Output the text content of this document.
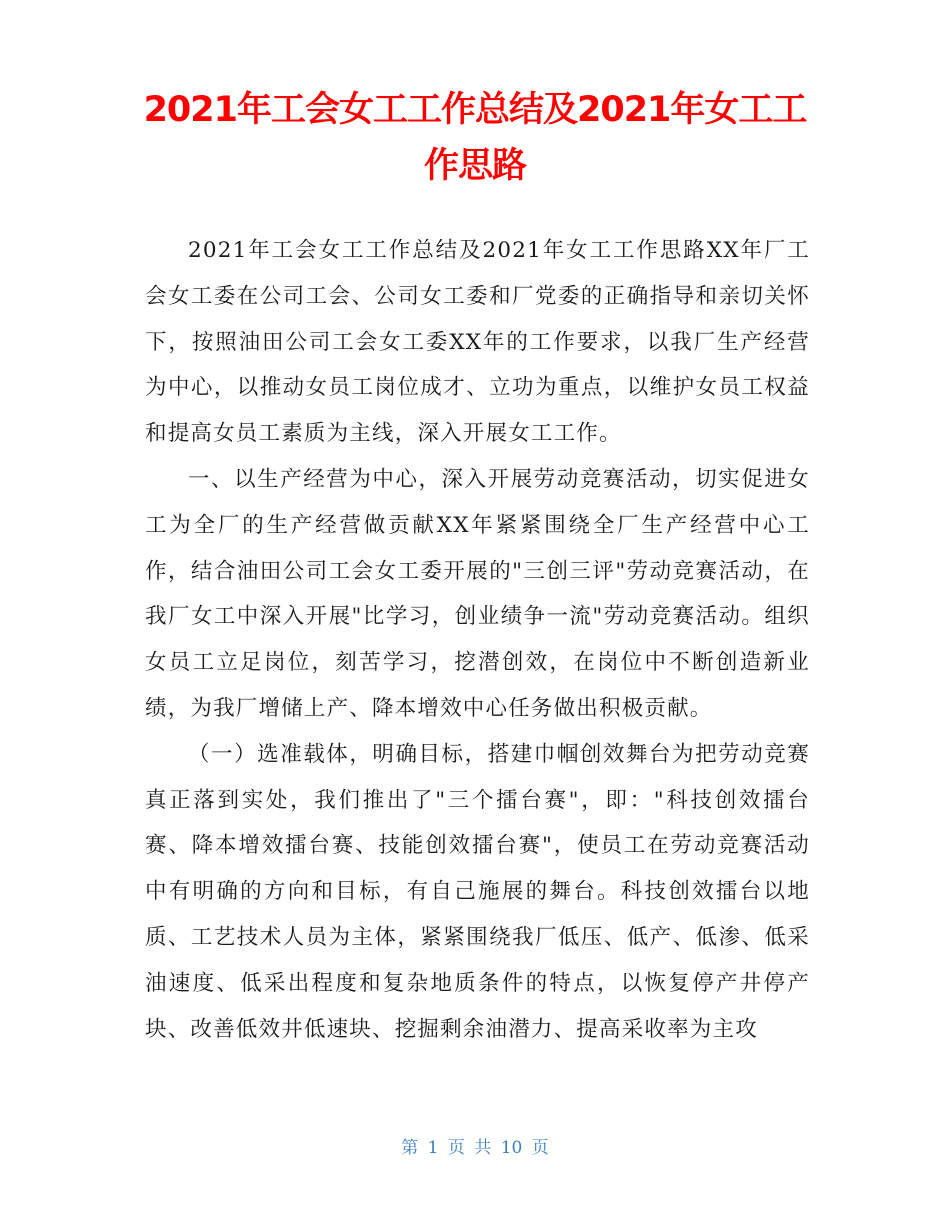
2021年工会女工工作总结及2021年女工工作思路

2021年工会女工工作总结及2021年女工工作思路XX年厂工会女工委在公司工会、公司女工委和厂党委的正确指导和亲切关怀下，按照油田公司工会女工委XX年的工作要求，以我厂生产经营为中心，以推动女员工岗位成才、立功为重点，以维护女员工权益和提高女员工素质为主线，深入开展女工工作。

一、以生产经营为中心，深入开展劳动竞赛活动，切实促进女工为全厂的生产经营做贡献XX年紧紧围绕全厂生产经营中心工作，结合油田公司工会女工委开展的"三创三评"劳动竞赛活动，在我厂女工中深入开展"比学习，创业绩争一流"劳动竞赛活动。组织女员工立足岗位，刻苦学习，挖潜创效，在岗位中不断创造新业绩，为我厂增储上产、降本增效中心任务做出积极贡献。

（一）选准载体，明确目标，搭建巾帼创效舞台为把劳动竞赛真正落到实处，我们推出了"三个擂台赛"，即："科技创效擂台赛、降本增效擂台赛、技能创效擂台赛"，使员工在劳动竞赛活动中有明确的方向和目标，有自己施展的舞台。科技创效擂台以地质、工艺技术人员为主体，紧紧围绕我厂低压、低产、低渗、低采油速度、低采出程度和复杂地质条件的特点，以恢复停产井停产块、改善低效井低速块、挖掘剩余油潜力、提高采收率为主攻

第 1 页 共 10 页
